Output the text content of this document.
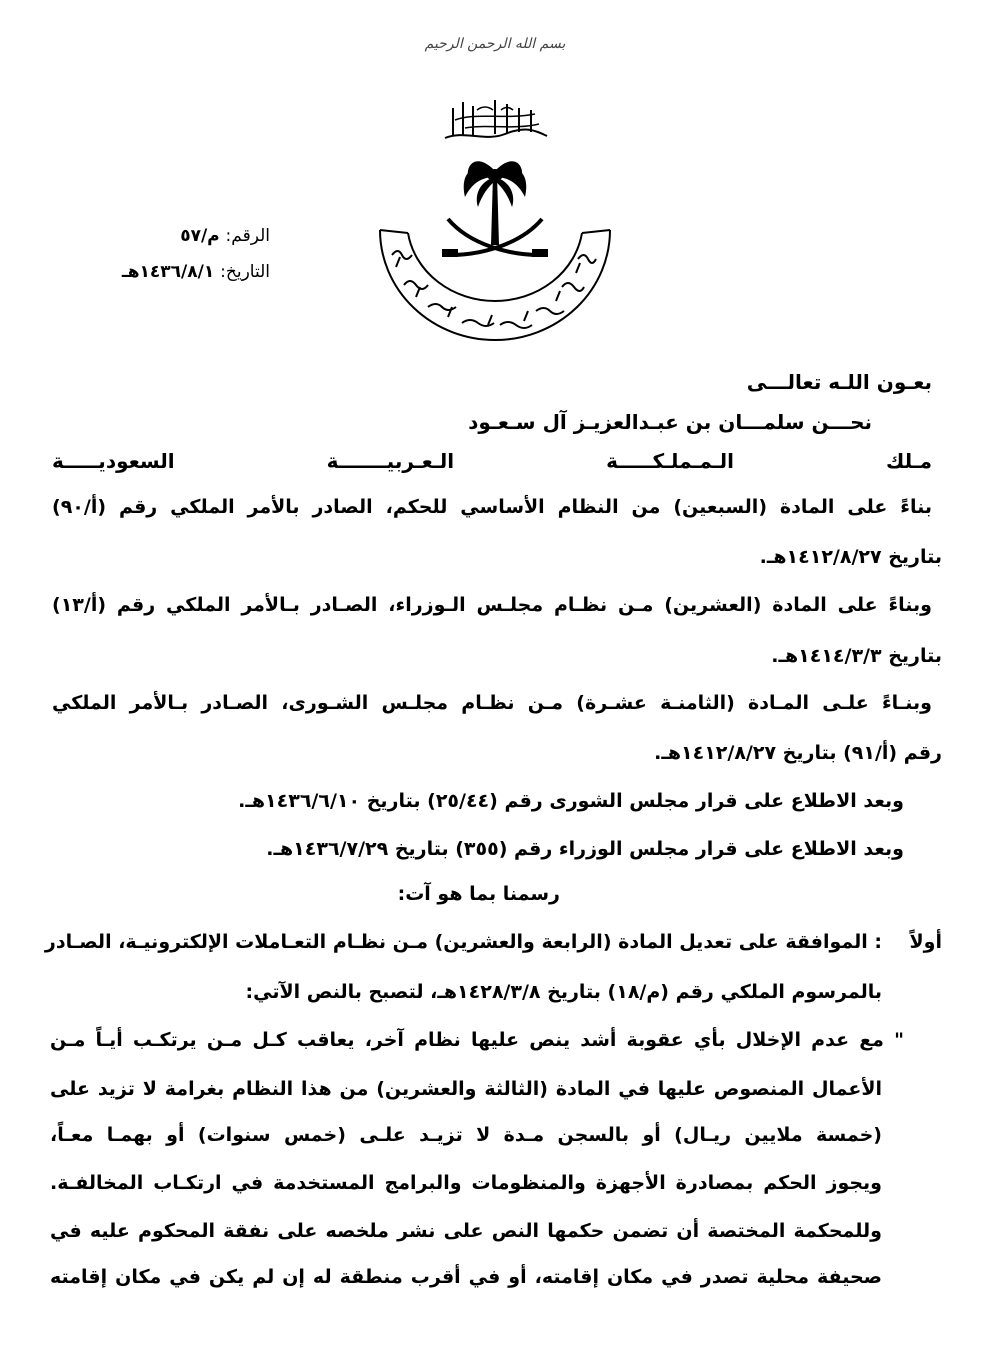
بسم الله الرحمن الرحيم
الرقم: م/٥٧
التاريخ: ١٤٣٦/٨/١هـ
بعـون اللـه تعالـــى
نحـــن سلمـــان بن عبـدالعزيـز آل سـعـود
مـلك الـمـملـكـــــة الـعـربيـــــــة السعوديـــــة
بناءً على المادة (السبعين) من النظام الأساسي للحكم، الصادر بالأمر الملكي رقم (أ/٩٠)
بتاريخ ١٤١٢/٨/٢٧هـ.
وبناءً على المادة (العشرين) مـن نظـام مجلـس الـوزراء، الصـادر بـالأمر الملكي رقم (أ/١٣)
بتاريخ ١٤١٤/٣/٣هـ.
وبنـاءً علـى المـادة (الثامنـة عشـرة) مـن نظـام مجلـس الشـورى، الصـادر بـالأمر الملكي
رقم (أ/٩١) بتاريخ ١٤١٢/٨/٢٧هـ.
وبعد الاطلاع على قرار مجلس الشورى رقم (٢٥/٤٤) بتاريخ ١٤٣٦/٦/١٠هـ.
وبعد الاطلاع على قرار مجلس الوزراء رقم (٣٥٥) بتاريخ ١٤٣٦/٧/٢٩هـ.
رسمنا بما هو آت:
أولاً
: الموافقة على تعديل المادة (الرابعة والعشرين) مـن نظـام التعـاملات الإلكترونيـة، الصـادر
بالمرسوم الملكي رقم (م/١٨) بتاريخ ١٤٢٨/٣/٨هـ، لتصبح بالنص الآتي:
" مع عدم الإخلال بأي عقوبة أشد ينص عليها نظام آخر، يعاقب كـل مـن يرتكـب أيـاً مـن
الأعمال المنصوص عليها في المادة (الثالثة والعشرين) من هذا النظام بغرامة لا تزيد على
(خمسة ملايين ريـال) أو بالسجن مـدة لا تزيـد علـى (خمس سنوات) أو بهمـا معـاً،
ويجوز الحكم بمصادرة الأجهزة والمنظومات والبرامج المستخدمة في ارتكـاب المخالفـة.
وللمحكمة المختصة أن تضمن حكمها النص على نشر ملخصه على نفقة المحكوم عليه في
صحيفة محلية تصدر في مكان إقامته، أو في أقرب منطقة له إن لم يكن في مكان إقامته
